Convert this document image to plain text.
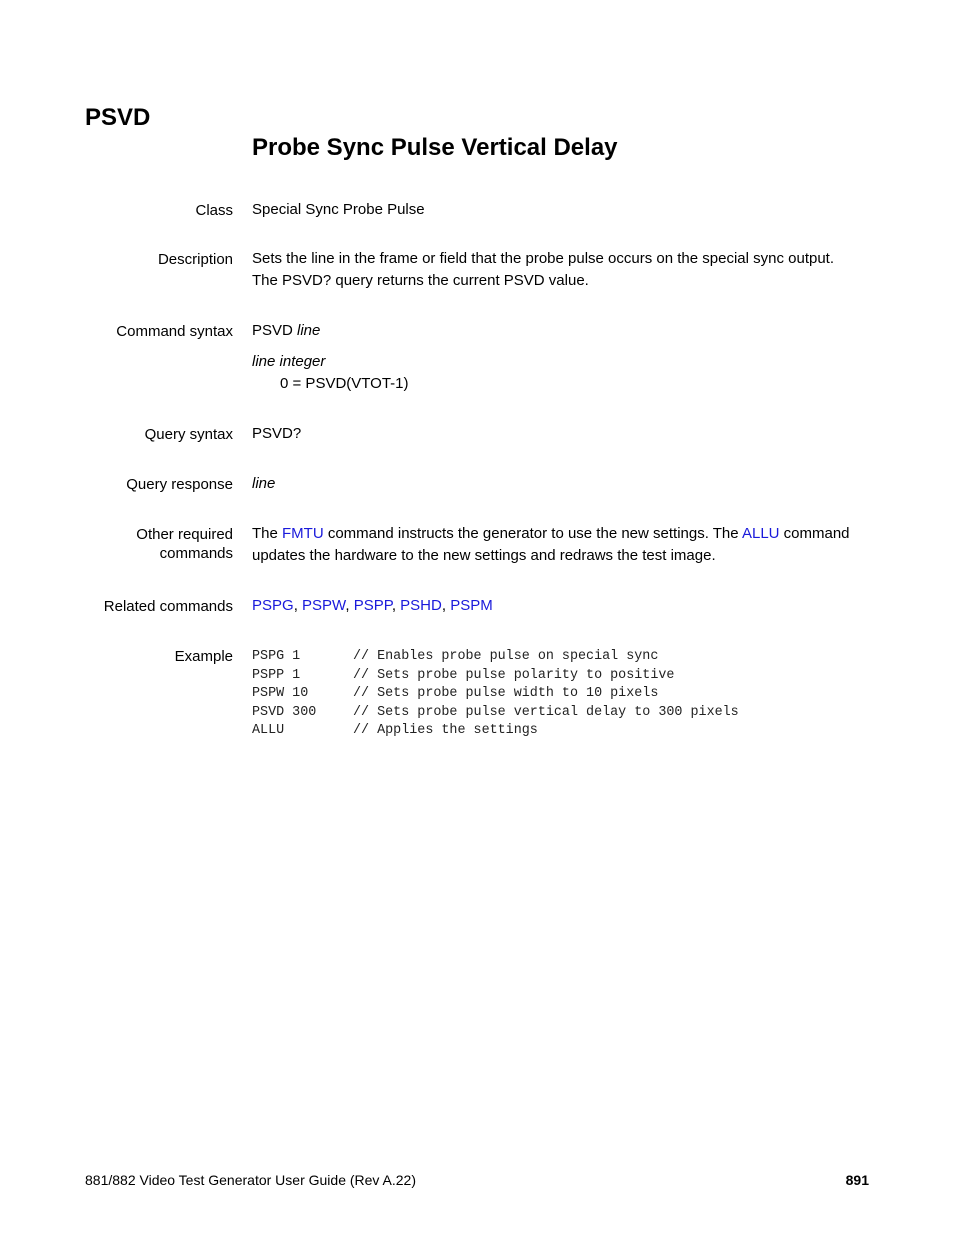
PSVD
Probe Sync Pulse Vertical Delay
Class Special Sync Probe Pulse
Description Sets the line in the frame or field that the probe pulse occurs on the special sync output.
The PSVD? query returns the current PSVD value.
Command syntax PSVD line
line integer
0 = PSVD(VTOT-1)
Query syntax PSVD?
Query response line
Other required
commands
The FMTU command instructs the generator to use the new settings. The ALLU command
updates the hardware to the new settings and redraws the test image.
Related commands PSPG, PSPW, PSPP, PSHD, PSPM
Example PSPG 1	// Enables probe pulse on special sync
PSPP 1	// Sets probe pulse polarity to positive
PSPW 10	// Sets probe pulse width to 10 pixels
PSVD 300	// Sets probe pulse vertical delay to 300 pixels
ALLU	// Applies the settings
881/882 Video Test Generator User Guide (Rev A.22)	891
